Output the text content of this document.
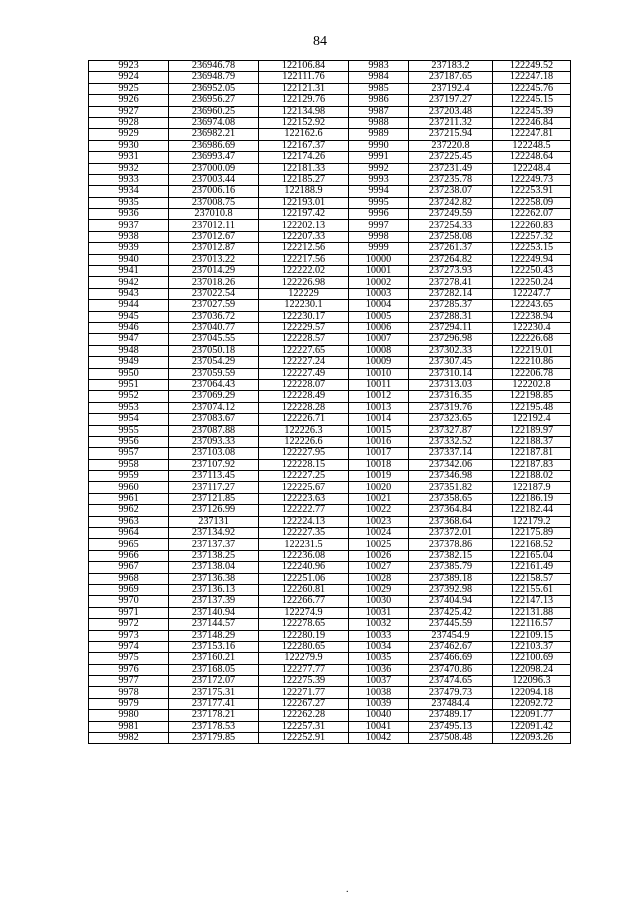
84
9923	236946.78	122106.84	9983	237183.2	122249.52
9924	236948.79	122111.76	9984	237187.65	122247.18
9925	236952.05	122121.31	9985	237192.4	122245.76
9926	236956.27	122129.76	9986	237197.27	122245.15
9927	236960.25	122134.98	9987	237203.48	122245.39
9928	236974.08	122152.92	9988	237211.32	122246.84
9929	236982.21	122162.6	9989	237215.94	122247.81
9930	236986.69	122167.37	9990	237220.8	122248.5
9931	236993.47	122174.26	9991	237225.45	122248.64
9932	237000.09	122181.33	9992	237231.49	122248.4
9933	237003.44	122185.27	9993	237235.78	122249.73
9934	237006.16	122188.9	9994	237238.07	122253.91
9935	237008.75	122193.01	9995	237242.82	122258.09
9936	237010.8	122197.42	9996	237249.59	122262.07
9937	237012.11	122202.13	9997	237254.33	122260.83
9938	237012.67	122207.33	9998	237258.08	122257.32
9939	237012.87	122212.56	9999	237261.37	122253.15
9940	237013.22	122217.56	10000	237264.82	122249.94
9941	237014.29	122222.02	10001	237273.93	122250.43
9942	237018.26	122226.98	10002	237278.41	122250.24
9943	237022.54	122229	10003	237282.14	122247.7
9944	237027.59	122230.1	10004	237285.37	122243.65
9945	237036.72	122230.17	10005	237288.31	122238.94
9946	237040.77	122229.57	10006	237294.11	122230.4
9947	237045.55	122228.57	10007	237296.98	122226.68
9948	237050.18	122227.65	10008	237302.33	122219.01
9949	237054.29	122227.24	10009	237307.45	122210.86
9950	237059.59	122227.49	10010	237310.14	122206.78
9951	237064.43	122228.07	10011	237313.03	122202.8
9952	237069.29	122228.49	10012	237316.35	122198.85
9953	237074.12	122228.28	10013	237319.76	122195.48
9954	237083.67	122226.71	10014	237323.65	122192.4
9955	237087.88	122226.3	10015	237327.87	122189.97
9956	237093.33	122226.6	10016	237332.52	122188.37
9957	237103.08	122227.95	10017	237337.14	122187.81
9958	237107.92	122228.15	10018	237342.06	122187.83
9959	237113.45	122227.25	10019	237346.98	122188.02
9960	237117.27	122225.67	10020	237351.82	122187.9
9961	237121.85	122223.63	10021	237358.65	122186.19
9962	237126.99	122222.77	10022	237364.84	122182.44
9963	237131	122224.13	10023	237368.64	122179.2
9964	237134.92	122227.35	10024	237372.01	122175.89
9965	237137.37	122231.5	10025	237378.86	122168.52
9966	237138.25	122236.08	10026	237382.15	122165.04
9967	237138.04	122240.96	10027	237385.79	122161.49
9968	237136.38	122251.06	10028	237389.18	122158.57
9969	237136.13	122260.81	10029	237392.98	122155.61
9970	237137.39	122266.77	10030	237404.94	122147.13
9971	237140.94	122274.9	10031	237425.42	122131.88
9972	237144.57	122278.65	10032	237445.59	122116.57
9973	237148.29	122280.19	10033	237454.9	122109.15
9974	237153.16	122280.65	10034	237462.67	122103.37
9975	237160.21	122279.9	10035	237466.69	122100.69
9976	237168.05	122277.77	10036	237470.86	122098.24
9977	237172.07	122275.39	10037	237474.65	122096.3
9978	237175.31	122271.77	10038	237479.73	122094.18
9979	237177.41	122267.27	10039	237484.4	122092.72
9980	237178.21	122262.28	10040	237489.17	122091.77
9981	237178.53	122257.31	10041	237495.13	122091.42
9982	237179.85	122252.91	10042	237508.48	122093.26
.
